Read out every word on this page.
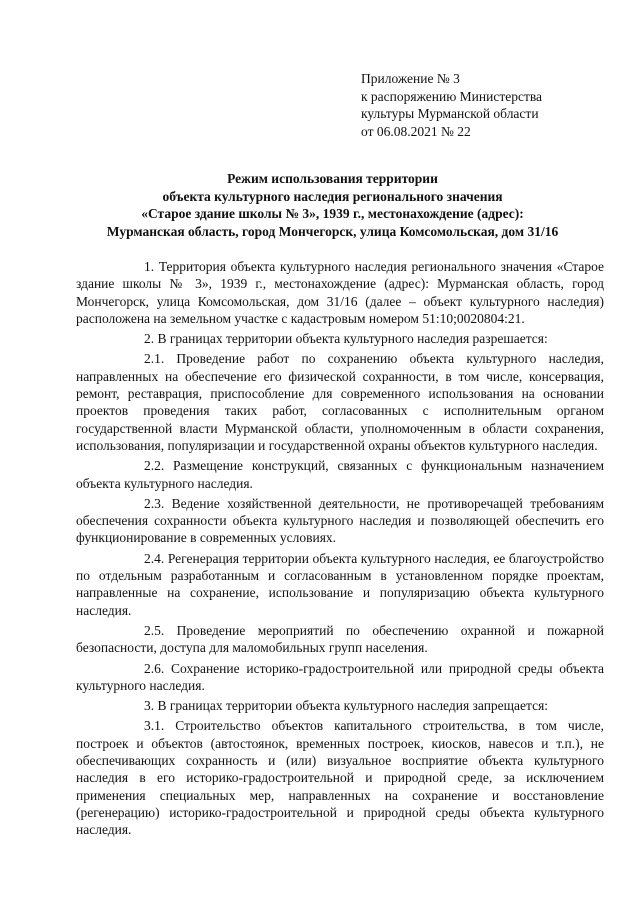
Приложение № 3
к распоряжению Министерства
культуры Мурманской области
от 06.08.2021 № 22
Режим использования территории
объекта культурного наследия регионального значения
«Старое здание школы № 3», 1939 г., местонахождение (адрес):
Мурманская область, город Мончегорск, улица Комсомольская, дом 31/16

1. Территория объекта культурного наследия регионального значения «Старое здание школы № 3», 1939 г., местонахождение (адрес): Мурманская область, город Мончегорск, улица Комсомольская, дом 31/16 (далее – объект культурного наследия) расположена на земельном участке с кадастровым номером 51:10;0020804:21.

2. В границах территории объекта культурного наследия разрешается:

2.1. Проведение работ по сохранению объекта культурного наследия, направленных на обеспечение его физической сохранности, в том числе, консервация, ремонт, реставрация, приспособление для современного использования на основании проектов проведения таких работ, согласованных с исполнительным органом государственной власти Мурманской области, уполномоченным в области сохранения, использования, популяризации и государственной охраны объектов культурного наследия.

2.2. Размещение конструкций, связанных с функциональным назначением объекта культурного наследия.

2.3. Ведение хозяйственной деятельности, не противоречащей требованиям обеспечения сохранности объекта культурного наследия и позволяющей обеспечить его функционирование в современных условиях.

2.4. Регенерация территории объекта культурного наследия, ее благоустройство по отдельным разработанным и согласованным в установленном порядке проектам, направленные на сохранение, использование и популяризацию объекта культурного наследия.

2.5. Проведение мероприятий по обеспечению охранной и пожарной безопасности, доступа для маломобильных групп населения.

2.6. Сохранение историко-градостроительной или природной среды объекта культурного наследия.

3. В границах территории объекта культурного наследия запрещается:

3.1. Строительство объектов капитального строительства, в том числе, построек и объектов (автостоянок, временных построек, киосков, навесов и т.п.), не обеспечивающих сохранность и (или) визуальное восприятие объекта культурного наследия в его историко-градостроительной и природной среде, за исключением применения специальных мер, направленных на сохранение и восстановление (регенерацию) историко-градостроительной и природной среды объекта культурного наследия.
